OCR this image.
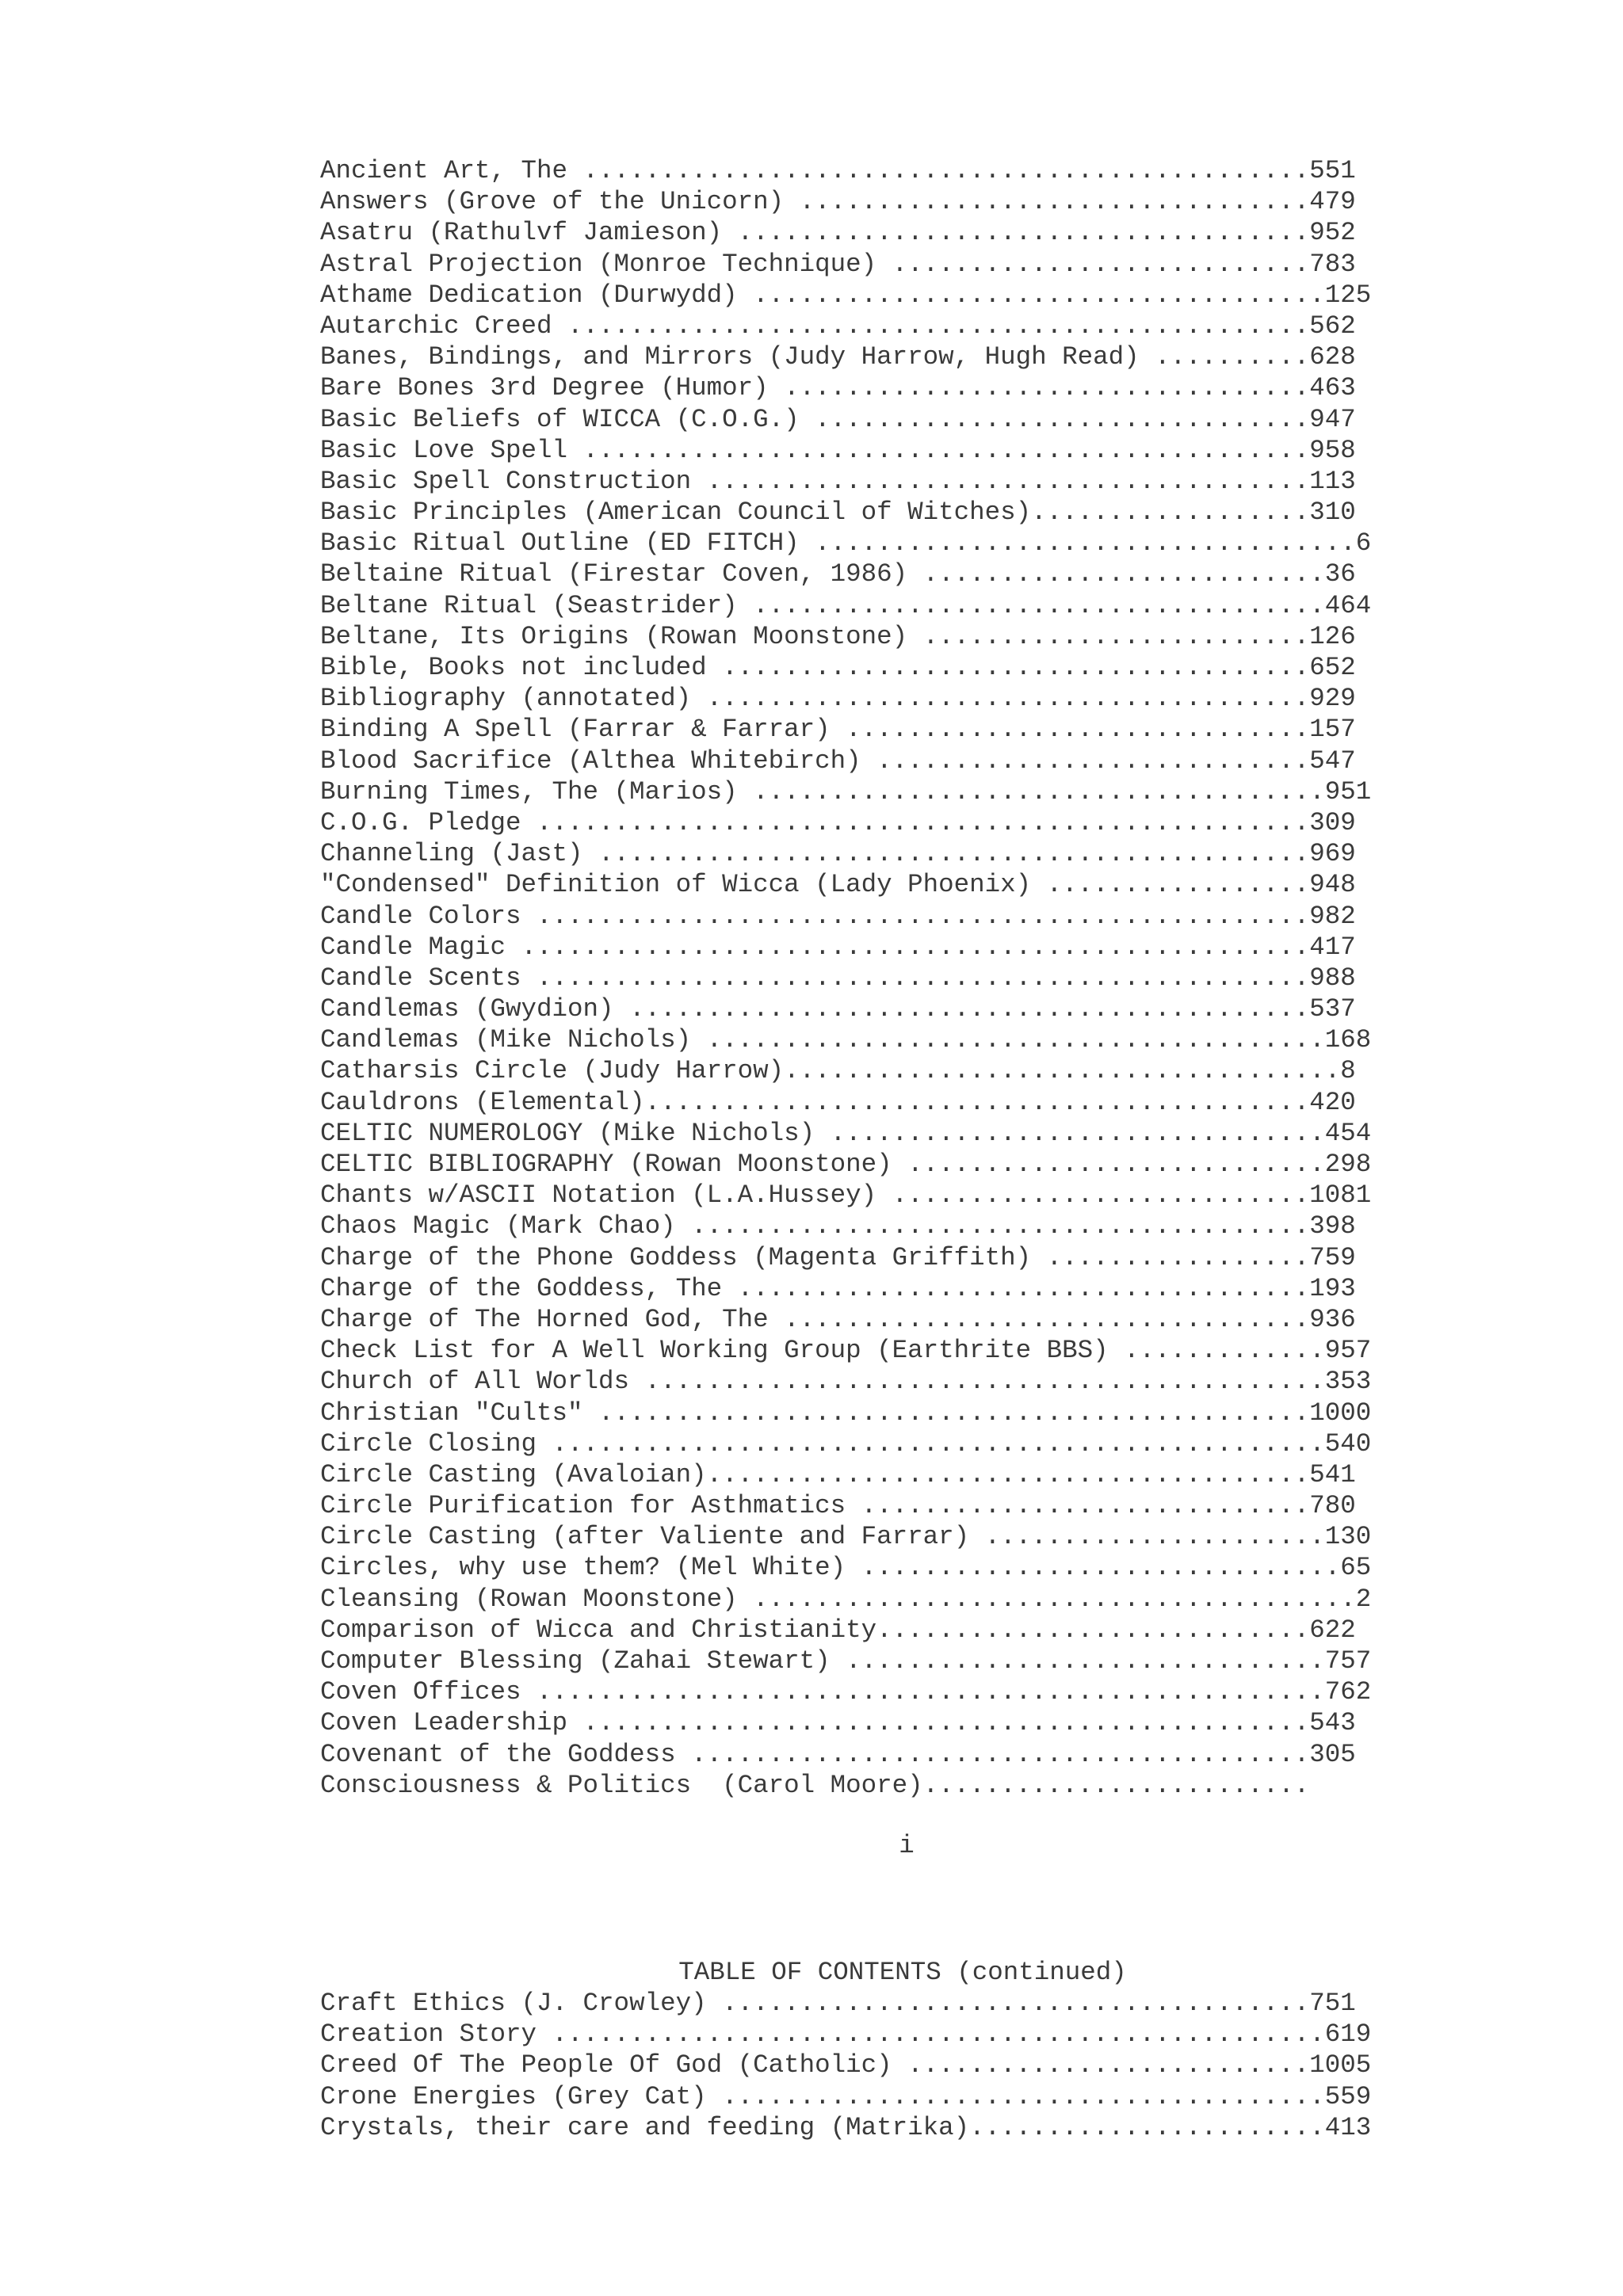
Ancient Art, The ...............................................551
Answers (Grove of the Unicorn) .................................479
Asatru (Rathulvf Jamieson) .....................................952
Astral Projection (Monroe Technique) ...........................783
Athame Dedication (Durwydd) .....................................125
Autarchic Creed ................................................562
Banes, Bindings, and Mirrors (Judy Harrow, Hugh Read) ..........628
Bare Bones 3rd Degree (Humor) ..................................463
Basic Beliefs of WICCA (C.O.G.) ................................947
Basic Love Spell ...............................................958
Basic Spell Construction .......................................113
Basic Principles (American Council of Witches)..................310
Basic Ritual Outline (ED FITCH) ...................................6
Beltaine Ritual (Firestar Coven, 1986) ..........................36
Beltane Ritual (Seastrider) .....................................464
Beltane, Its Origins (Rowan Moonstone) .........................126
Bible, Books not included ......................................652
Bibliography (annotated) .......................................929
Binding A Spell (Farrar & Farrar) ..............................157
Blood Sacrifice (Althea Whitebirch) ............................547
Burning Times, The (Marios) .....................................951
C.O.G. Pledge ..................................................309
Channeling (Jast) ..............................................969
"Condensed" Definition of Wicca (Lady Phoenix) .................948
Candle Colors ..................................................982
Candle Magic ...................................................417
Candle Scents ..................................................988
Candlemas (Gwydion) ............................................537
Candlemas (Mike Nichols) ........................................168
Catharsis Circle (Judy Harrow)....................................8
Cauldrons (Elemental)...........................................420
CELTIC NUMEROLOGY (Mike Nichols) ................................454
CELTIC BIBLIOGRAPHY (Rowan Moonstone) ...........................298
Chants w/ASCII Notation (L.A.Hussey) ...........................1081
Chaos Magic (Mark Chao) ........................................398
Charge of the Phone Goddess (Magenta Griffith) .................759
Charge of the Goddess, The .....................................193
Charge of The Horned God, The ..................................936
Check List for A Well Working Group (Earthrite BBS) .............957
Church of All Worlds ............................................353
Christian "Cults" ..............................................1000
Circle Closing ..................................................540
Circle Casting (Avaloian).......................................541
Circle Purification for Asthmatics .............................780
Circle Casting (after Valiente and Farrar) ......................130
Circles, why use them? (Mel White) ...............................65
Cleansing (Rowan Moonstone) .......................................2
Comparison of Wicca and Christianity............................622
Computer Blessing (Zahai Stewart) ...............................757
Coven Offices ...................................................762
Coven Leadership ...............................................543
Covenant of the Goddess ........................................305
Consciousness & Politics  (Carol Moore).........................
i
TABLE OF CONTENTS (continued)
Craft Ethics (J. Crowley) ......................................751
Creation Story ..................................................619
Creed Of The People Of God (Catholic) ..........................1005
Crone Energies (Grey Cat) .......................................559
Crystals, their care and feeding (Matrika).......................413
